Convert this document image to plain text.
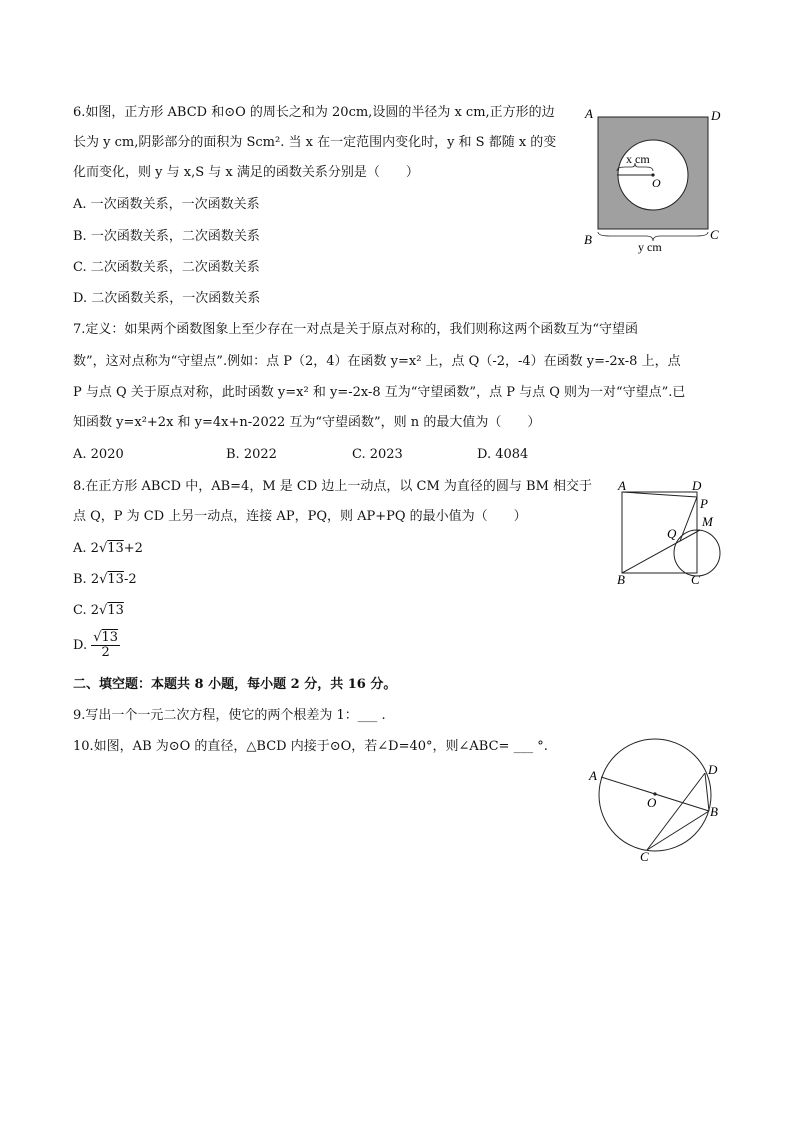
6.如图，正方形 ABCD 和⊙O 的周长之和为 20cm,设圆的半径为 x cm,正方形的边
长为 y cm,阴影部分的面积为 Scm². 当 x 在一定范围内变化时，y 和 S 都随 x 的变
化而变化，则 y 与 x,S 与 x 满足的函数关系分别是（　　）
A. 一次函数关系，一次函数关系
B. 一次函数关系，二次函数关系
C. 二次函数关系，二次函数关系
D. 二次函数关系，一次函数关系
A	D
B	C
O
x cm
y cm
7.定义：如果两个函数图象上至少存在一对点是关于原点对称的，我们则称这两个函数互为“守望函
数”，这对点称为“守望点”.例如：点 P（2，4）在函数 y=x² 上，点 Q（-2，-4）在函数 y=-2x-8 上，点
P 与点 Q 关于原点对称，此时函数 y=x² 和 y=-2x-8 互为“守望函数”，点 P 与点 Q 则为一对“守望点”.已
知函数 y=x²+2x 和 y=4x+n-2022 互为“守望函数”，则 n 的最大值为（　　）
A. 2020	B. 2022	C. 2023	D. 4084
8.在正方形 ABCD 中，AB=4，M 是 CD 边上一动点，以 CM 为直径的圆与 BM 相交于
点 Q，P 为 CD 上另一动点，连接 AP，PQ，则 AP+PQ 的最小值为（　　）
A. 2√13+2
B. 2√13-2
C. 2√13
D. $\frac{√13}{2}$
A	D
P
M
Q
B	C
二、填空题：本题共 8 小题，每小题 2 分，共 16 分。
9.写出一个一元二次方程，使它的两个根差为 1：___ .
10.如图，AB 为⊙O 的直径，△BCD 内接于⊙O，若∠D=40°，则∠ABC= ___ °.
A	D
O
B
C
